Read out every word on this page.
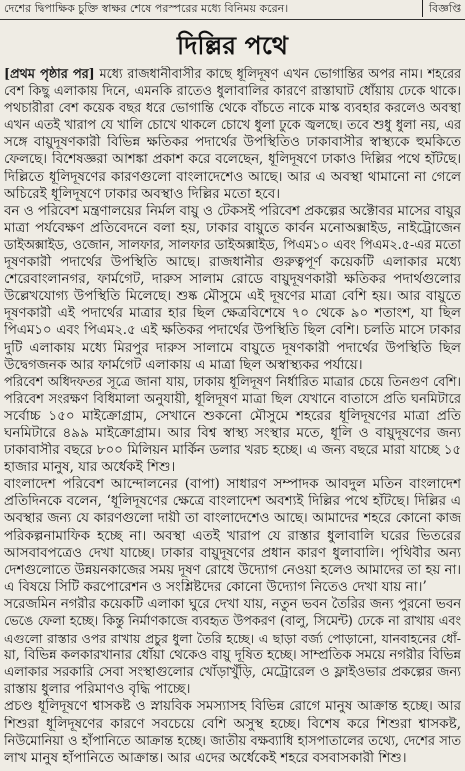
দেশের দ্বিপাক্ষিক চুক্তি স্বাক্ষর শেষে পরস্পরের মধ্যে বিনিময় করেন।	বিজ্ঞপ্তি
দিল্লির পথে
[প্রথম পৃষ্ঠার পর] মধ্যে রাজধানীবাসীর কাছে ধূলিদূষণ এখন ভোগান্তির অপর নাম। শহরের
বেশ কিছু এলাকায় দিনে, এমনকি রাতেও ধুলাবালির কারণে রাস্তাঘাট ধোঁয়ায় ঢেকে থাকে।
পথচারীরা বেশ কয়েক বছর ধরে ভোগান্তি থেকে বাঁচতে নাকে মাস্ক ব্যবহার করলেও অবস্থা
এখন এতই খারাপ যে খালি চোখে থাকলে চোখে ধুলা ঢুকে জ্বলছে। তবে শুধু ধুলা নয়, এর
সঙ্গে বায়ুদূষণকারী বিভিন্ন ক্ষতিকর পদার্থের উপস্থিতিও ঢাকাবাসীর স্বাস্থ্যকে হুমকিতে
ফেলছে। বিশেষজ্ঞরা আশঙ্কা প্রকাশ করে বলেছেন, ধূলিদূষণে ঢাকাও দিল্লির পথে হাঁটছে।
দিল্লিতে ধূলিদূষণের কারণগুলো বাংলাদেশেও আছে। আর এ অবস্থা থামানো না গেলে
অচিরেই ধূলিদূষণে ঢাকার অবস্থাও দিল্লির মতো হবে।
বন ও পরিবেশ মন্ত্রণালয়ের নির্মল বায়ু ও টেকসই পরিবেশ প্রকল্পের অক্টোবর মাসের বায়ুর
মাত্রা পর্যবেক্ষণ প্রতিবেদনে বলা হয়, ঢাকার বায়ুতে কার্বন মনোঅক্সাইড, নাইট্রোজেন
ডাইঅক্সাইড, ওজোন, সালফার, সালফার ডাইঅক্সাইড, পিএম১০ এবং পিএম২.৫-এর মতো
দূষণকারী পদার্থের উপস্থিতি আছে। রাজধানীর গুরুত্বপূর্ণ কয়েকটি এলাকার মধ্যে
শেরেবাংলানগর, ফার্মগেট, দারুস সালাম রোডে বায়ুদূষণকারী ক্ষতিকর পদার্থগুলোর
উল্লেখযোগ্য উপস্থিতি মিলেছে। শুষ্ক মৌসুমে এই দূষণের মাত্রা বেশি হয়। আর বায়ুতে
দূষণকারী এই পদার্থের মাত্রার হার ছিল ক্ষেত্রবিশেষে ৭০ থেকে ৯০ শতাংশ, যা ছিল
পিএম১০ এবং পিএম২.৫ এই ক্ষতিকর পদার্থের উপস্থিতি ছিল বেশি। চলতি মাসে ঢাকার
দুটি এলাকায় মধ্যে মিরপুর দারুস সালামে বায়ুতে দূষণকারী পদার্থের উপস্থিতি ছিল
উদ্বেগজনক আর ফার্মগেট এলাকায় এ মাত্রা ছিল অস্বাস্থ্যকর পর্যায়ে।
পরিবেশ অধিদফতর সূত্রে জানা যায়, ঢাকায় ধূলিদূষণ নির্ধারিত মাত্রার চেয়ে তিনগুণ বেশি।
পরিবেশ সংরক্ষণ বিধিমালা অনুযায়ী, ধূলিদূষণ মাত্রা ছিল যেখানে বাতাসে প্রতি ঘনমিটারে
সর্বোচ্চ ১৫০ মাইক্রোগ্রাম, সেখানে শুকনো মৌসুমে শহরের ধূলিদূষণের মাত্রা প্রতি
ঘনমিটারে ৪৯৯ মাইক্রোগ্রাম। আর বিশ্ব স্বাস্থ্য সংস্থার মতে, ধূলি ও বায়ুদূষণের জন্য
ঢাকাবাসীর বছরে ৮০০ মিলিয়ন মার্কিন ডলার খরচ হচ্ছে। এ জন্য বছরে মারা যাচ্ছে ১৫
হাজার মানুষ, যার অর্ধেকই শিশু।
বাংলাদেশ পরিবেশ আন্দোলনের (বাপা) সাধারণ সম্পাদক আবদুল মতিন বাংলাদেশ
প্রতিদিনকে বলেন, ‘ধূলিদূষণের ক্ষেত্রে বাংলাদেশ অবশ্যই দিল্লির পথে হাঁটছে। দিল্লির এ
অবস্থার জন্য যে কারণগুলো দায়ী তা বাংলাদেশেও আছে। আমাদের শহরে কোনো কাজ
পরিকল্পনামাফিক হচ্ছে না। অবস্থা এতই খারাপ যে রাস্তার ধুলাবালি ঘরের ভিতরের
আসবাবপত্রেও দেখা যাচ্ছে। ঢাকার বায়ুদূষণের প্রধান কারণ ধুলাবালি। পৃথিবীর অন্য
দেশগুলোতে উন্নয়নকাজের সময় দূষণ রোধে উদ্যোগ নেওয়া হলেও আমাদের তা হয় না।
এ বিষয়ে সিটি করপোরেশন ও সংশ্লিষ্টদের কোনো উদ্যোগ নিতেও দেখা যায় না।’
সরেজমিন নগরীর কয়েকটি এলাকা ঘুরে দেখা যায়, নতুন ভবন তৈরির জন্য পুরনো ভবন
ভেঙে ফেলা হচ্ছে। কিন্তু নির্মাণকাজে ব্যবহৃত উপকরণ (বালু, সিমেন্ট) ঢেকে না রাখায় এবং
এগুলো রাস্তার ওপর রাখায় প্রচুর ধুলা তৈরি হচ্ছে। এ ছাড়া বর্জ্য পোড়ানো, যানবাহনের ধোঁ-
য়া, বিভিন্ন কলকারখানার ধোঁয়া থেকেও বায়ু দূষিত হচ্ছে। সাম্প্রতিক সময়ে নগরীর বিভিন্ন
এলাকার সরকারি সেবা সংস্থাগুলোর খোঁড়াখুঁড়ি, মেট্রোরেল ও ফ্লাইওভার প্রকল্পের জন্য
রাস্তায় ধুলার পরিমাণও বৃদ্ধি পাচ্ছে।
প্রচণ্ড ধূলিদূষণে শ্বাসকষ্ট ও স্নায়বিক সমস্যাসহ বিভিন্ন রোগে মানুষ আক্রান্ত হচ্ছে। আর
শিশুরা ধূলিদূষণের কারণে সবচেয়ে বেশি অসুস্থ হচ্ছে। বিশেষ করে শিশুরা শ্বাসকষ্ট,
নিউমোনিয়া ও হাঁপানিতে আক্রান্ত হচ্ছে। জাতীয় বক্ষব্যাধি হাসপাতালের তথ্যে, দেশের সাত
লাখ মানুষ হাঁপানিতে আক্রান্ত। আর এদের অর্ধেকেই শহরে বসবাসকারী শিশু।
